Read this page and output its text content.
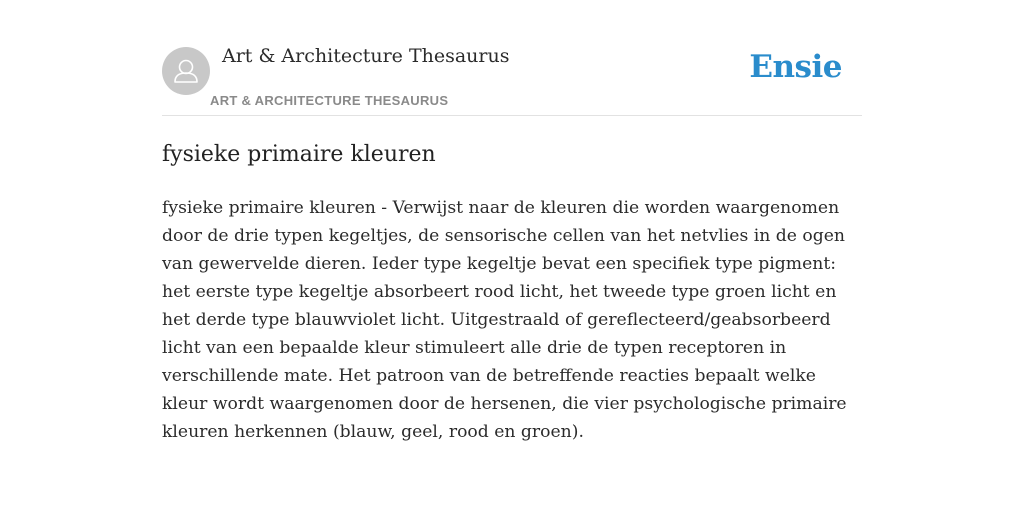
Art & Architecture Thesaurus
ART & ARCHITECTURE THESAURUS
Ensie
fysieke primaire kleuren

fysieke primaire kleuren - Verwijst naar de kleuren die worden waargenomen door de drie typen kegeltjes, de sensorische cellen van het netvlies in de ogen van gewervelde dieren. Ieder type kegeltje bevat een specifiek type pigment: het eerste type kegeltje absorbeert rood licht, het tweede type groen licht en het derde type blauwviolet licht. Uitgestraald of gereflecteerd/geabsorbeerd licht van een bepaalde kleur stimuleert alle drie de typen receptoren in verschillende mate. Het patroon van de betreffende reacties bepaalt welke kleur wordt waargenomen door de hersenen, die vier psychologische primaire kleuren herkennen (blauw, geel, rood en groen).
